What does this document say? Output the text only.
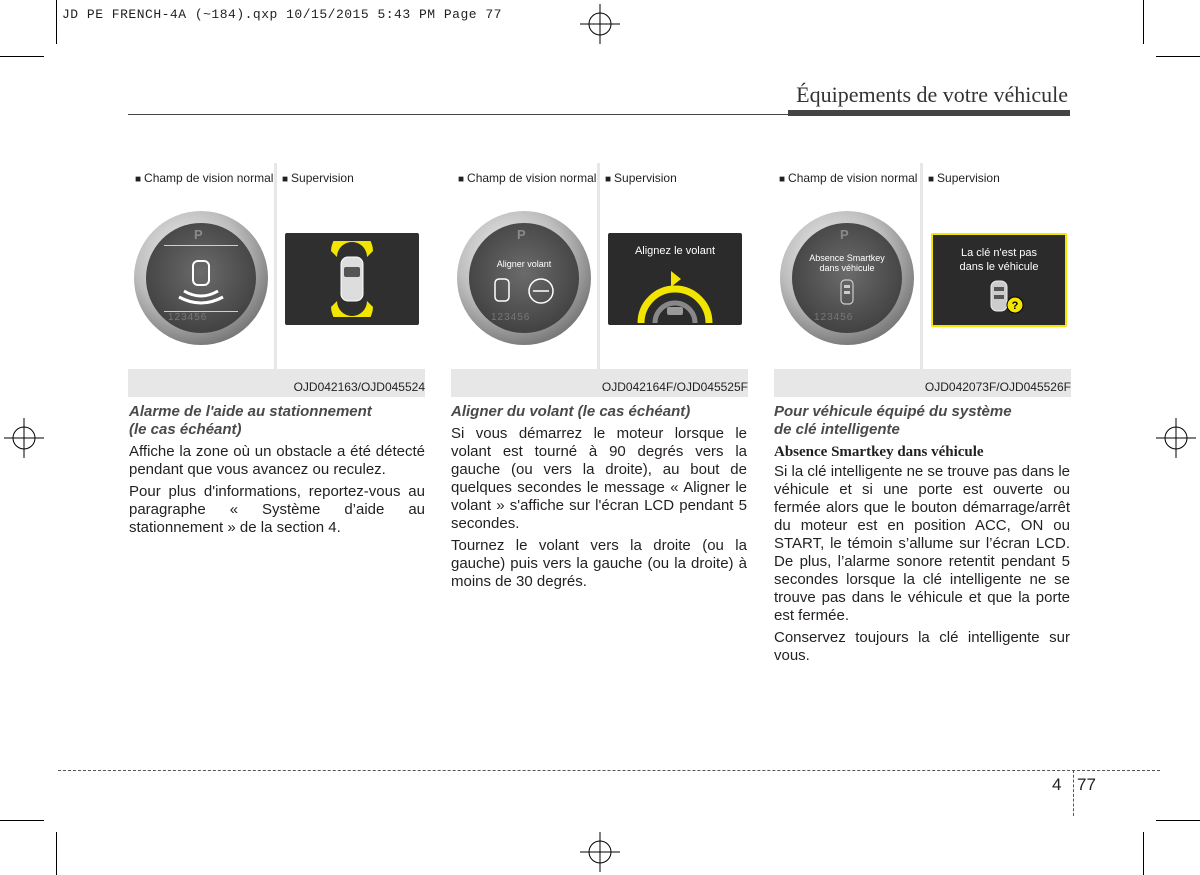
JD PE FRENCH-4A (~184).qxp 10/15/2015 5:43 PM Page 77
Équipements de votre véhicule
■ Champ de vision normal ■ Supervision
P
123456
OJD042163/OJD045524
■ Champ de vision normal ■ Supervision
P
Aligner volant
123456
Alignez le volant
OJD042164F/OJD045525F
■ Champ de vision normal ■ Supervision
P
Absence Smartkey
dans véhicule
123456
La clé n'est pas
dans le véhicule
?
OJD042073F/OJD045526F

Alarme de l'aide au stationnement

(le cas échéant)

Affiche la zone où un obstacle a été détecté pendant que vous avancez ou reculez.

Pour plus d'informations, reportez-vous au paragraphe « Système d’aide au stationnement » de la section 4.

Aligner du volant (le cas échéant)

Si vous démarrez le moteur lorsque le volant est tourné à 90 degrés vers la gauche (ou vers la droite), au bout de quelques secondes le message « Aligner le volant » s'affiche sur l'écran LCD pendant 5 secondes.

Tournez le volant vers la droite (ou la gauche) puis vers la gauche (ou la droite) à moins de 30 degrés.

Pour véhicule équipé du système

de clé intelligente

Absence Smartkey dans véhicule

Si la clé intelligente ne se trouve pas dans le véhicule et si une porte est ouverte ou fermée alors que le bouton démarrage/arrêt du moteur est en position ACC, ON ou START, le témoin s’allume sur l’écran LCD. De plus, l’alarme sonore retentit pendant 5 secondes lorsque la clé intelligente ne se trouve pas dans le véhicule et que la porte est fermée.

Conservez toujours la clé intelligente sur vous.

4 77
